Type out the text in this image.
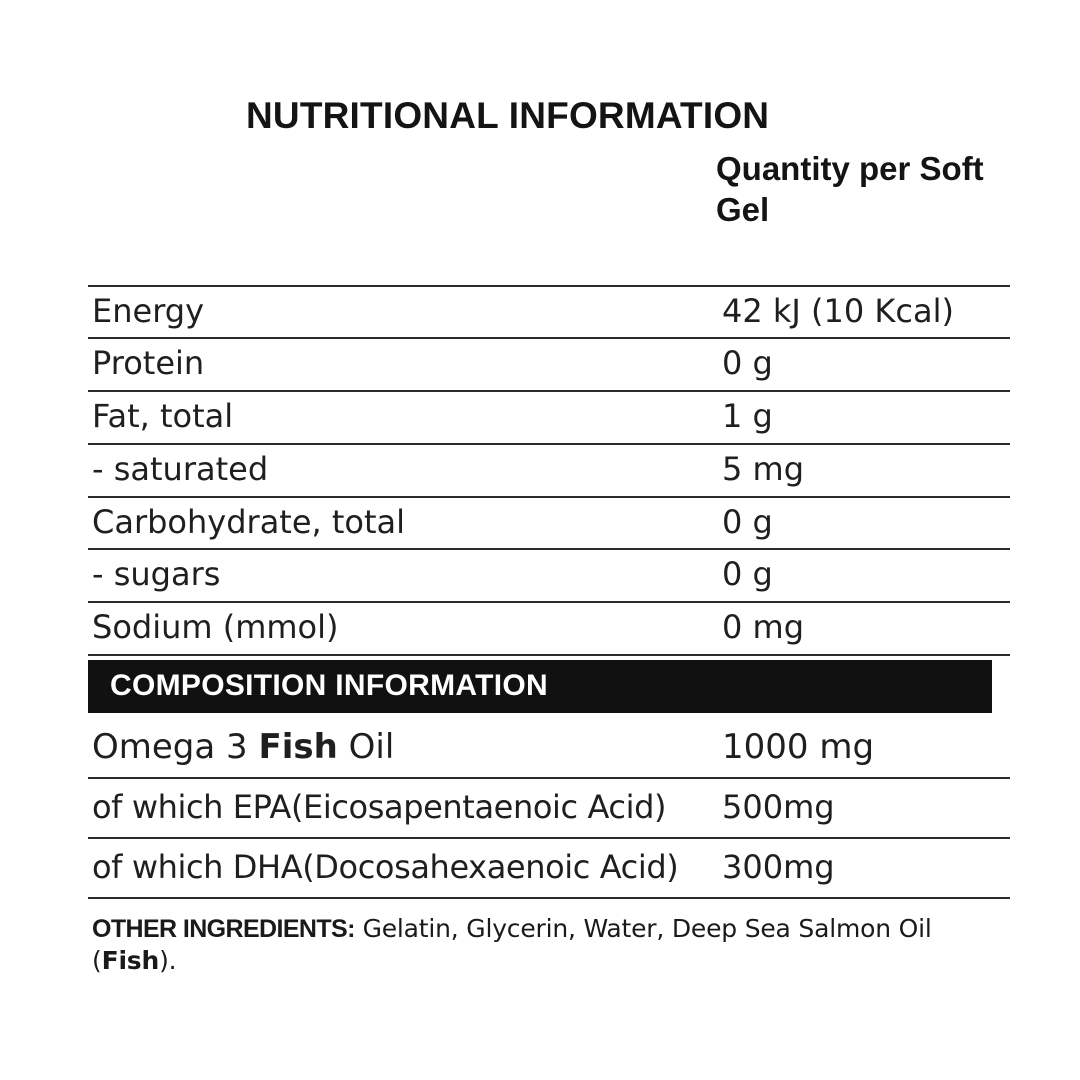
NUTRITIONAL INFORMATION
Quantity per Soft Gel
Energy	42 kJ (10 Kcal)
Protein	0 g
Fat, total	1 g
- saturated	5 mg
Carbohydrate, total	0 g
- sugars	0 g
Sodium (mmol)	0 mg
COMPOSITION INFORMATION
Omega 3 Fish Oil	1000 mg
of which EPA(Eicosapentaenoic Acid)	500mg
of which DHA(Docosahexaenoic Acid)	300mg
OTHER INGREDIENTS: Gelatin, Glycerin, Water, Deep Sea Salmon Oil (Fish).
